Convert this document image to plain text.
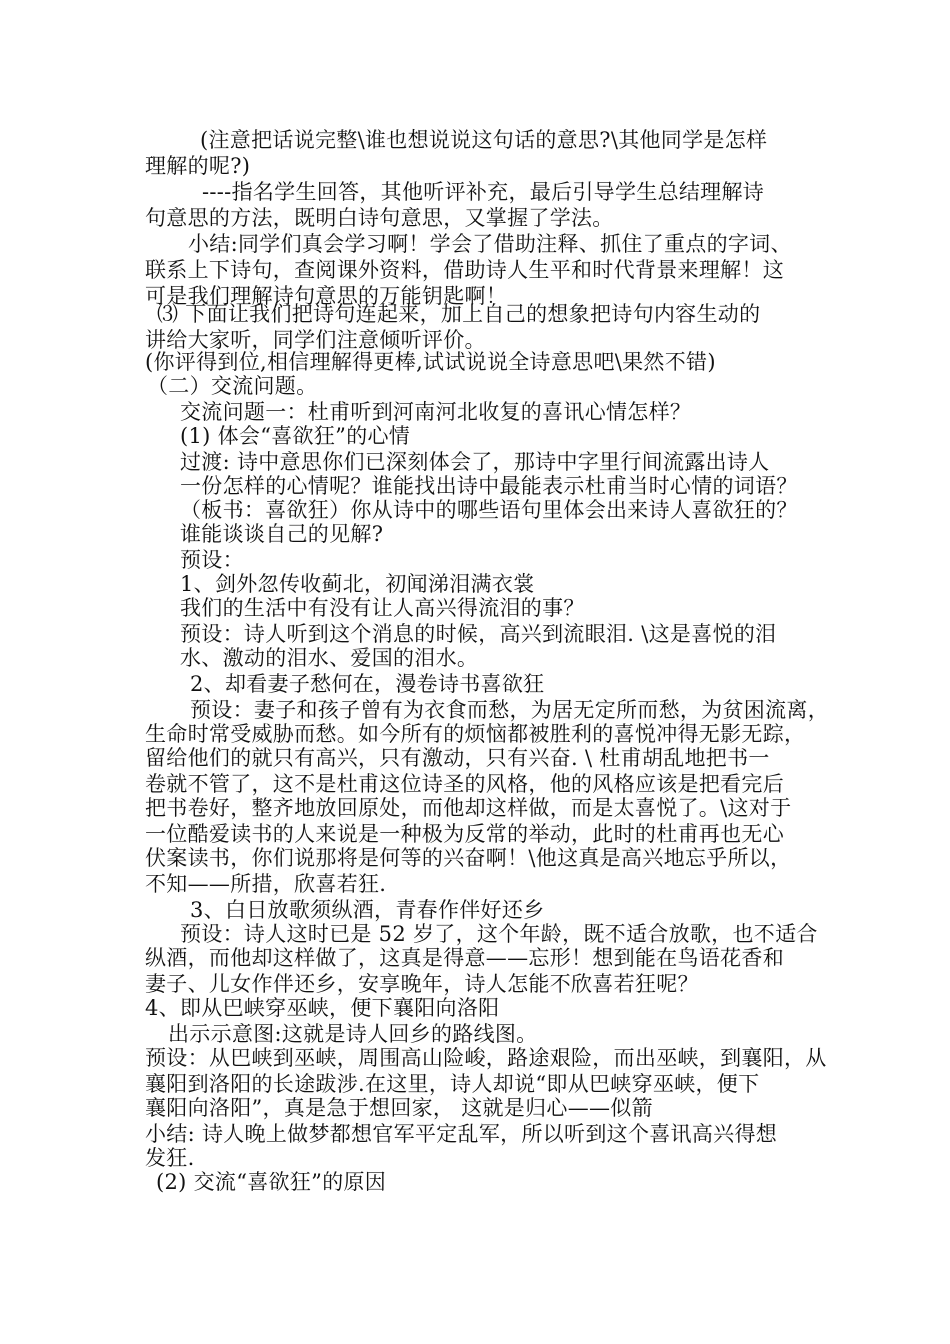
(注意把话说完整\谁也想说说这句话的意思?\其他同学是怎样
理解的呢?)
----指名学生回答，其他听评补充，最后引导学生总结理解诗
句意思的方法，既明白诗句意思，又掌握了学法。
小结:同学们真会学习啊！学会了借助注释、抓住了重点的字词、
联系上下诗句，查阅课外资料，借助诗人生平和时代背景来理解！这
可是我们理解诗句意思的万能钥匙啊！
⑶ 下面让我们把诗句连起来，加上自己的想象把诗句内容生动的
讲给大家听，同学们注意倾听评价。
(你评得到位,相信理解得更棒,试试说说全诗意思吧\果然不错)
（二）交流问题。
交流问题一：杜甫听到河南河北收复的喜讯心情怎样？
(1) 体会“喜欲狂”的心情
过渡: 诗中意思你们已深刻体会了，那诗中字里行间流露出诗人
一份怎样的心情呢？谁能找出诗中最能表示杜甫当时心情的词语？
（板书：喜欲狂）你从诗中的哪些语句里体会出来诗人喜欲狂的？
谁能谈谈自己的见解?
预设：
1、剑外忽传收蓟北，初闻涕泪满衣裳
我们的生活中有没有让人高兴得流泪的事？
预设：诗人听到这个消息的时候，高兴到流眼泪. \这是喜悦的泪
水、激动的泪水、爱国的泪水。
2、却看妻子愁何在，漫卷诗书喜欲狂
预设：妻子和孩子曾有为衣食而愁，为居无定所而愁，为贫困流离，
生命时常受威胁而愁。如今所有的烦恼都被胜利的喜悦冲得无影无踪，
留给他们的就只有高兴，只有激动，只有兴奋. \ 杜甫胡乱地把书一
卷就不管了，这不是杜甫这位诗圣的风格，他的风格应该是把看完后
把书卷好，整齐地放回原处，而他却这样做，而是太喜悦了。\这对于
一位酷爱读书的人来说是一种极为反常的举动，此时的杜甫再也无心
伏案读书，你们说那将是何等的兴奋啊！\他这真是高兴地忘乎所以，
不知——所措，欣喜若狂.
3、白日放歌须纵酒，青春作伴好还乡
预设：诗人这时已是 52 岁了，这个年龄，既不适合放歌，也不适合
纵酒，而他却这样做了，这真是得意——忘形！想到能在鸟语花香和
妻子、儿女作伴还乡，安享晚年，诗人怎能不欣喜若狂呢？
4、即从巴峡穿巫峡，便下襄阳向洛阳
出示示意图:这就是诗人回乡的路线图。
预设：从巴峡到巫峡，周围高山险峻，路途艰险，而出巫峡，到襄阳，从
襄阳到洛阳的长途跋涉.在这里，诗人却说“即从巴峡穿巫峡，便下
襄阳向洛阳”，真是急于想回家， 这就是归心——似箭
小结: 诗人晚上做梦都想官军平定乱军，所以听到这个喜讯高兴得想
发狂.
(2) 交流“喜欲狂”的原因
